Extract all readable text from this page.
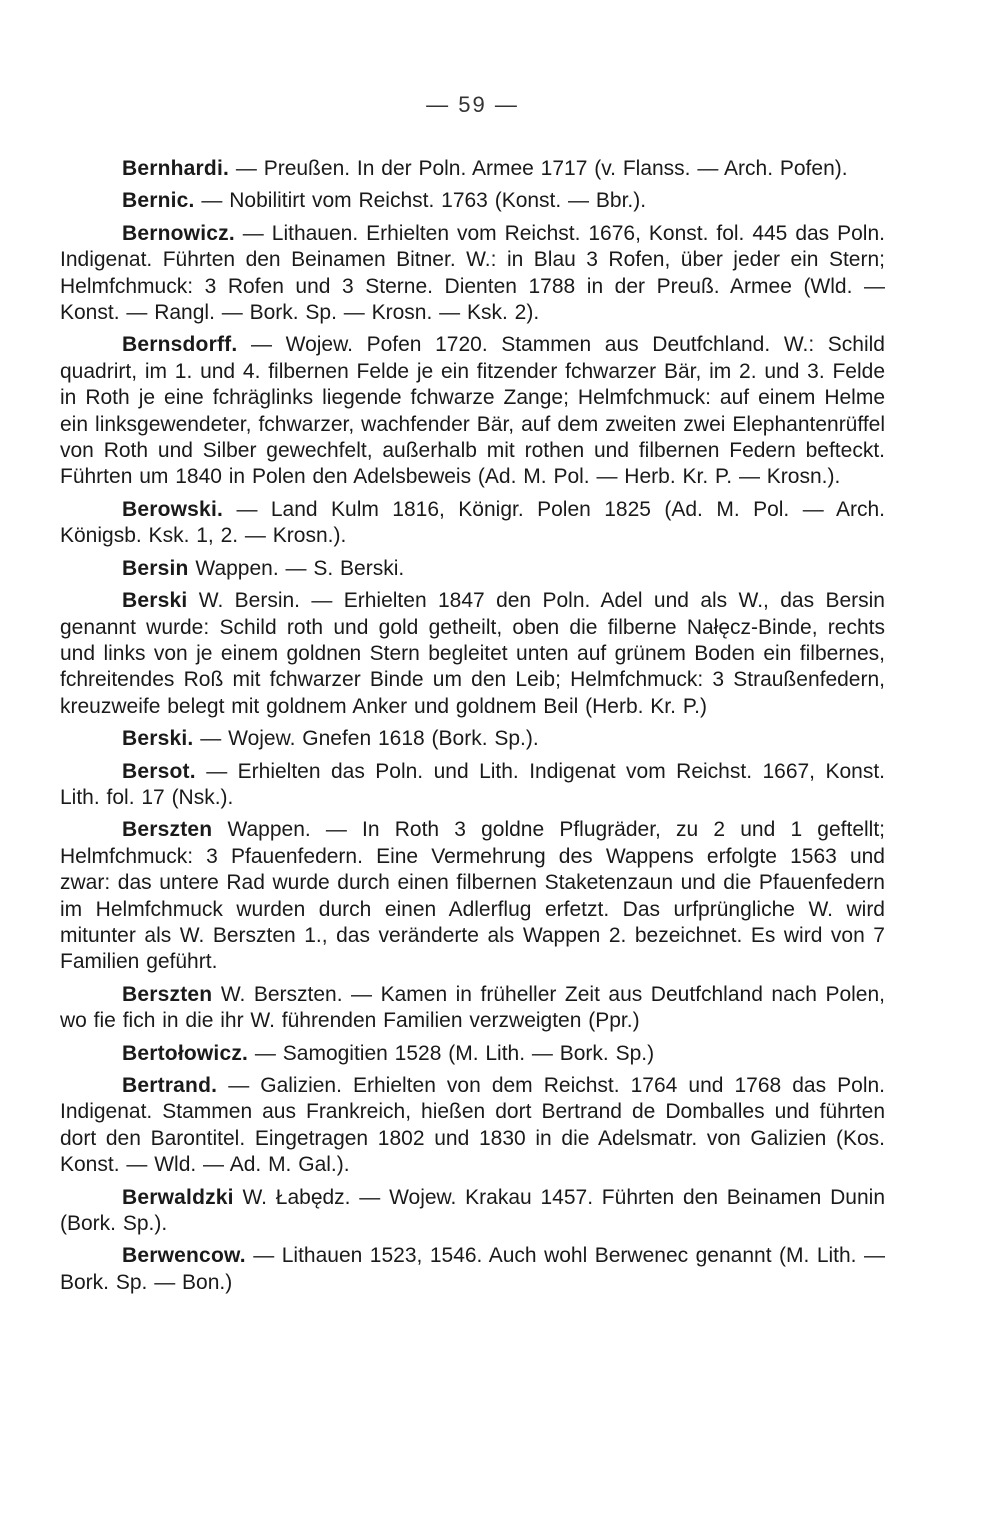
— 59 —

Bernhardi. — Preußen. In der Poln. Armee 1717 (v. Flanss. — Arch. Pofen).

Bernic. — Nobilitirt vom Reichst. 1763 (Konst. — Bbr.).

Bernowicz. — Lithauen. Erhielten vom Reichst. 1676, Konst. fol. 445 das Poln. Indigenat. Führten den Beinamen Bitner. W.: in Blau 3 Rofen, über jeder ein Stern; Helmfchmuck: 3 Rofen und 3 Sterne. Dienten 1788 in der Preuß. Armee (Wld. — Konst. — Rangl. — Bork. Sp. — Krosn. — Ksk. 2).

Bernsdorff. — Wojew. Pofen 1720. Stammen aus Deutfchland. W.: Schild quadrirt, im 1. und 4. filbernen Felde je ein fitzender fchwarzer Bär, im 2. und 3. Felde in Roth je eine fchräglinks liegende fchwarze Zange; Helmfchmuck: auf einem Helme ein linksgewendeter, fchwarzer, wachfender Bär, auf dem zweiten zwei Elephantenrüffel von Roth und Silber gewechfelt, außerhalb mit rothen und filbernen Federn befteckt. Führten um 1840 in Polen den Adelsbeweis (Ad. M. Pol. — Herb. Kr. P. — Krosn.).

Berowski. — Land Kulm 1816, Königr. Polen 1825 (Ad. M. Pol. — Arch. Königsb. Ksk. 1, 2. — Krosn.).

Bersin Wappen. — S. Berski.

Berski W. Bersin. — Erhielten 1847 den Poln. Adel und als W., das Bersin genannt wurde: Schild roth und gold getheilt, oben die filberne Nałęcz-Binde, rechts und links von je einem goldnen Stern begleitet unten auf grünem Boden ein filbernes, fchreitendes Roß mit fchwarzer Binde um den Leib; Helmfchmuck: 3 Straußenfedern, kreuzweife belegt mit goldnem Anker und goldnem Beil (Herb. Kr. P.)

Berski. — Wojew. Gnefen 1618 (Bork. Sp.).

Bersot. — Erhielten das Poln. und Lith. Indigenat vom Reichst. 1667, Konst. Lith. fol. 17 (Nsk.).

Berszten Wappen. — In Roth 3 goldne Pflugräder, zu 2 und 1 geftellt; Helmfchmuck: 3 Pfauenfedern. Eine Vermehrung des Wappens erfolgte 1563 und zwar: das untere Rad wurde durch einen filbernen Staketenzaun und die Pfauenfedern im Helmfchmuck wurden durch einen Adlerflug erfetzt. Das urfprüngliche W. wird mitunter als W. Berszten 1., das veränderte als Wappen 2. bezeichnet. Es wird von 7 Familien geführt.

Berszten W. Berszten. — Kamen in früheller Zeit aus Deutfchland nach Polen, wo fie fich in die ihr W. führenden Familien verzweigten (Ppr.)

Bertołowicz. — Samogitien 1528 (M. Lith. — Bork. Sp.)

Bertrand. — Galizien. Erhielten von dem Reichst. 1764 und 1768 das Poln. Indigenat. Stammen aus Frankreich, hießen dort Bertrand de Domballes und führten dort den Barontitel. Eingetragen 1802 und 1830 in die Adelsmatr. von Galizien (Kos. Konst. — Wld. — Ad. M. Gal.).

Berwaldzki W. Łabędz. — Wojew. Krakau 1457. Führten den Beinamen Dunin (Bork. Sp.).

Berwencow. — Lithauen 1523, 1546. Auch wohl Berwenec genannt (M. Lith. — Bork. Sp. — Bon.)
